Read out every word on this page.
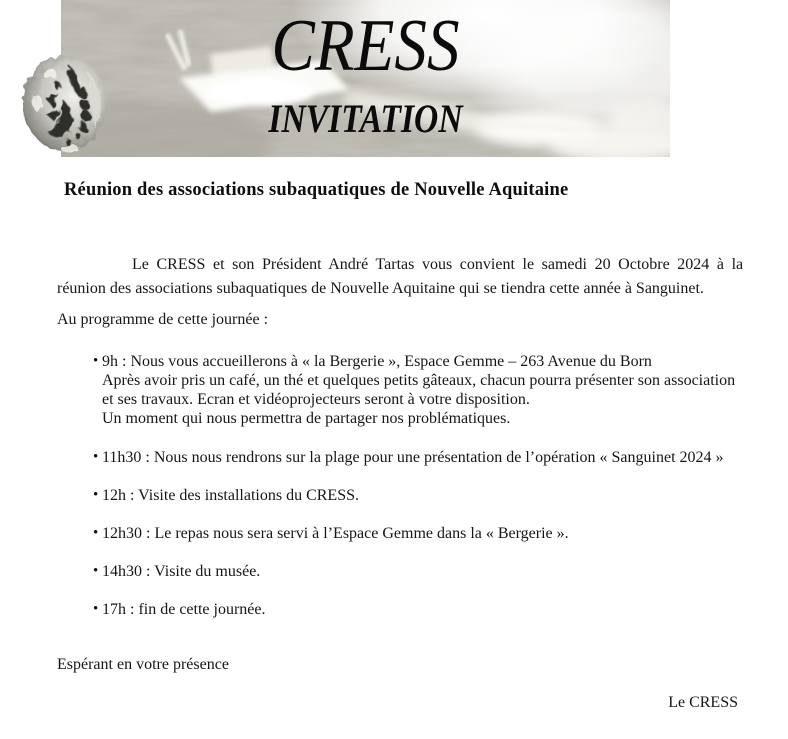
CRESS
INVITATION
Réunion des associations subaquatiques de Nouvelle Aquitaine
Le CRESS et son Président André Tartas vous convient le samedi 20 Octobre 2024 à la
réunion des associations subaquatiques de Nouvelle Aquitaine qui se tiendra cette année à Sanguinet.
Au programme de cette journée :
• 9h : Nous vous accueillerons à « la Bergerie », Espace Gemme – 263 Avenue du Born
Après avoir pris un café, un thé et quelques petits gâteaux, chacun pourra présenter son association
et ses travaux. Ecran et vidéoprojecteurs seront à votre disposition.
Un moment qui nous permettra de partager nos problématiques.
• 11h30 : Nous nous rendrons sur la plage pour une présentation de l’opération « Sanguinet 2024 »
• 12h : Visite des installations du CRESS.
• 12h30 : Le repas nous sera servi à l’Espace Gemme dans la « Bergerie ».
• 14h30 : Visite du musée.
• 17h : fin de cette journée.
Espérant en votre présence
Le CRESS
